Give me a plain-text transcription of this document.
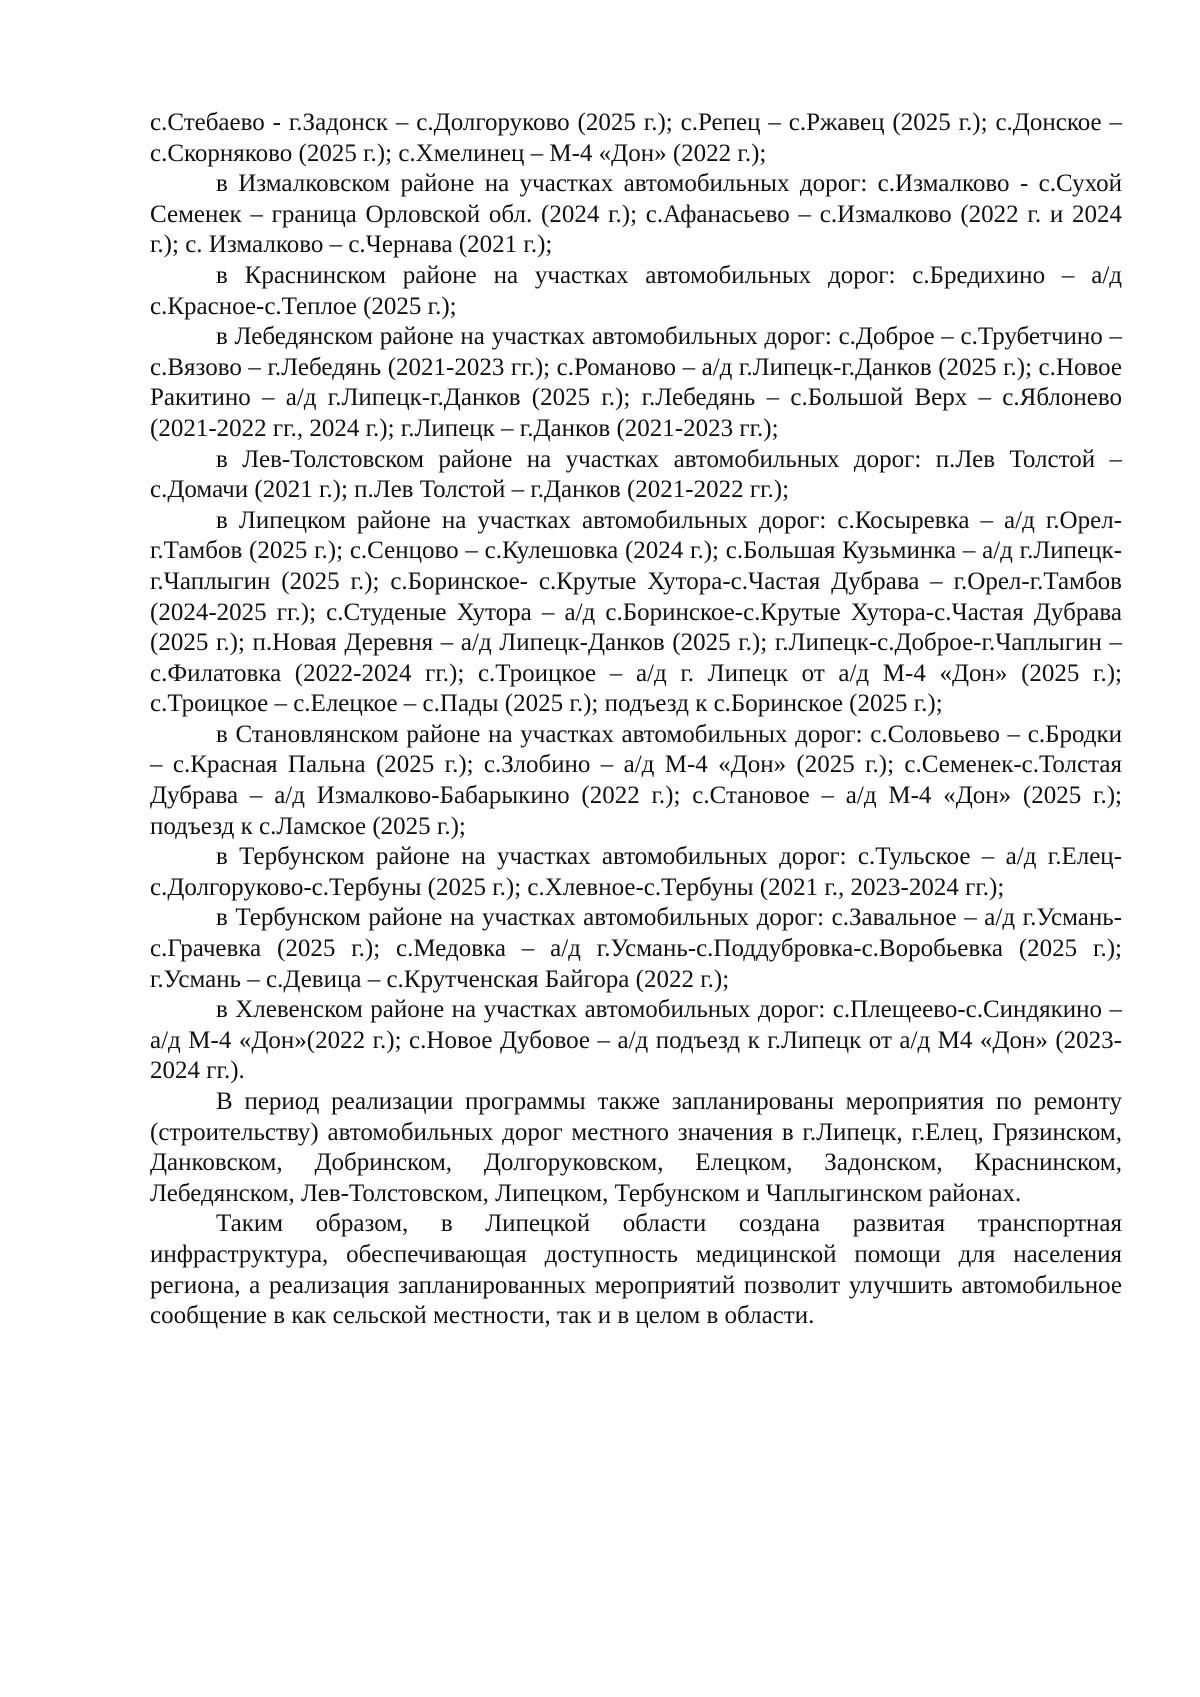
с.Стебаево - г.Задонск – с.Долгоруково (2025 г.); с.Репец – с.Ржавец (2025 г.); с.Донское – с.Скорняково (2025 г.); с.Хмелинец – М-4 «Дон» (2022 г.);

в Измалковском районе на участках автомобильных дорог: с.Измалково - с.Сухой Семенек – граница Орловской обл. (2024 г.); с.Афанасьево – с.Измалково (2022 г. и 2024 г.); с. Измалково – с.Чернава (2021 г.);

в Краснинском районе на участках автомобильных дорог: с.Бредихино – а/д с.Красное-с.Теплое (2025 г.);

в Лебедянском районе на участках автомобильных дорог: с.Доброе – с.Трубетчино – с.Вязово – г.Лебедянь (2021-2023 гг.); с.Романово – а/д г.Липецк-г.Данков (2025 г.); с.Новое Ракитино – а/д г.Липецк-г.Данков (2025 г.); г.Лебедянь – с.Большой Верх – с.Яблонево (2021-2022 гг., 2024 г.); г.Липецк – г.Данков (2021-2023 гг.);

в Лев-Толстовском районе на участках автомобильных дорог: п.Лев Толстой – с.Домачи (2021 г.); п.Лев Толстой – г.Данков (2021-2022 гг.);

в Липецком районе на участках автомобильных дорог: с.Косыревка – а/д г.Орел-г.Тамбов (2025 г.); с.Сенцово – с.Кулешовка (2024 г.); с.Большая Кузьминка – а/д г.Липецк-г.Чаплыгин (2025 г.); с.Боринское- с.Крутые Хутора-с.Частая Дубрава – г.Орел-г.Тамбов (2024-2025 гг.); с.Студеные Хутора – а/д с.Боринское-с.Крутые Хутора-с.Частая Дубрава (2025 г.); п.Новая Деревня – а/д Липецк-Данков (2025 г.); г.Липецк-с.Доброе-г.Чаплыгин – с.Филатовка (2022-2024 гг.); с.Троицкое – а/д г. Липецк от а/д М-4 «Дон» (2025 г.); с.Троицкое – с.Елецкое – с.Пады (2025 г.); подъезд к с.Боринское (2025 г.);

в Становлянском районе на участках автомобильных дорог: с.Соловьево – с.Бродки – с.Красная Пальна (2025 г.); с.Злобино – а/д М-4 «Дон» (2025 г.); с.Семенек-с.Толстая Дубрава – а/д Измалково-Бабарыкино (2022 г.); с.Становое – а/д М-4 «Дон» (2025 г.); подъезд к с.Ламское (2025 г.);

в Тербунском районе на участках автомобильных дорог: с.Тульское – а/д г.Елец-с.Долгоруково-с.Тербуны (2025 г.); с.Хлевное-с.Тербуны (2021 г., 2023-2024 гг.);

в Тербунском районе на участках автомобильных дорог: с.Завальное – а/д г.Усмань-с.Грачевка (2025 г.); с.Медовка – а/д г.Усмань-с.Поддубровка-с.Воробьевка (2025 г.); г.Усмань – с.Девица – с.Крутченская Байгора (2022 г.);

в Хлевенском районе на участках автомобильных дорог: с.Плещеево-с.Синдякино – а/д М-4 «Дон»(2022 г.); с.Новое Дубовое – а/д подъезд к г.Липецк от а/д М4 «Дон» (2023-2024 гг.).

В период реализации программы также запланированы мероприятия по ремонту (строительству) автомобильных дорог местного значения в г.Липецк, г.Елец, Грязинском, Данковском, Добринском, Долгоруковском, Елецком, Задонском, Краснинском, Лебедянском, Лев-Толстовском, Липецком, Тербунском и Чаплыгинском районах.

Таким образом, в Липецкой области создана развитая транспортная инфраструктура, обеспечивающая доступность медицинской помощи для населения региона, а реализация запланированных мероприятий позволит улучшить автомобильное сообщение в как сельской местности, так и в целом в области.
